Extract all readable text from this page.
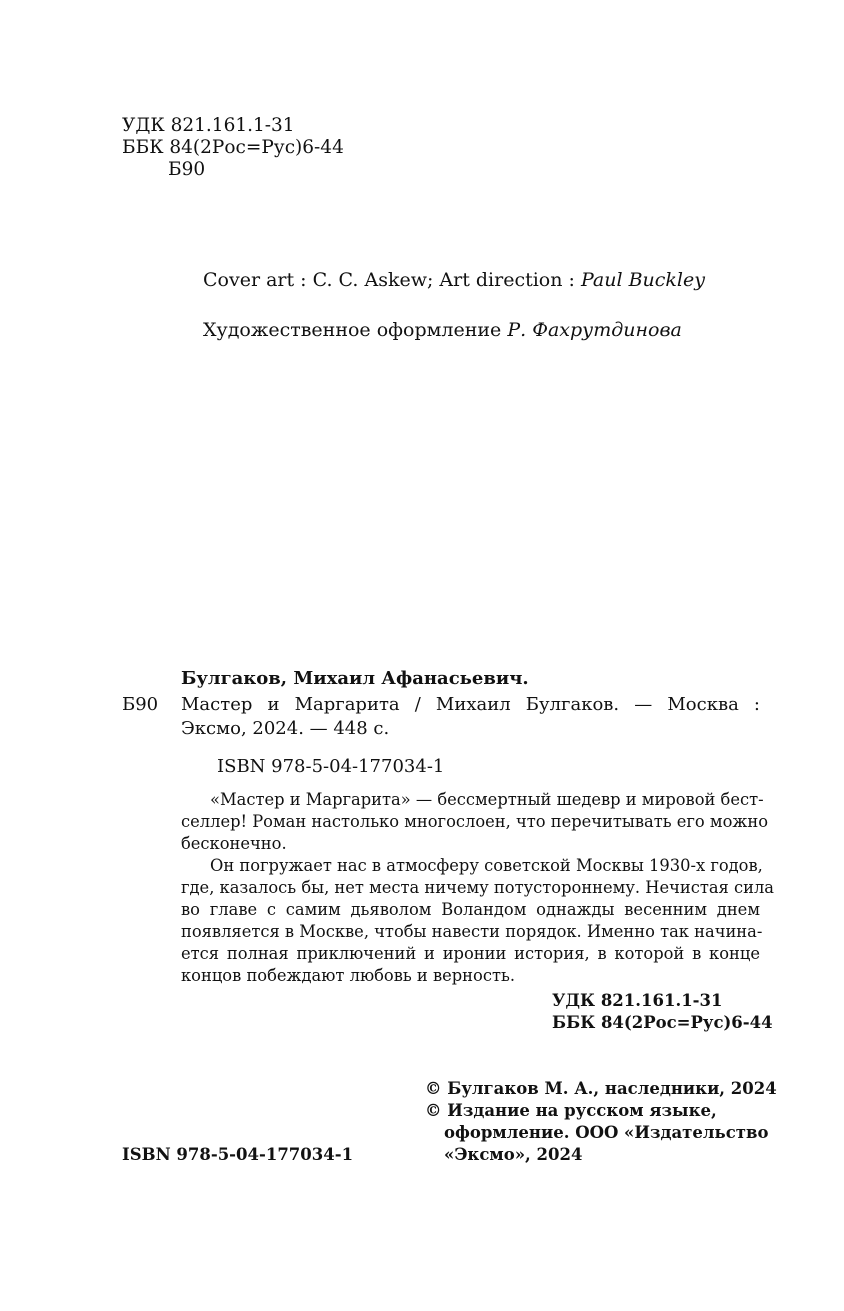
УДК 821.161.1-31
ББК 84(2Рос=Рус)6-44
Б90
Cover art : C. C. Askew; Art direction : Paul Buckley
Художественное оформление Р. Фахрутдинова
Булгаков, Михаил Афанасьевич.
Б90 Мастер и Маргарита / Михаил Булгаков. — Москва :
Эксмо, 2024. — 448 с.
ISBN 978-5-04-177034-1
«Мастер и Маргарита» — бессмертный шедевр и мировой бест-
селлер! Роман настолько многослоен, что перечитывать его можно
бесконечно.
Он погружает нас в атмосферу советской Москвы 1930-х годов,
где, казалось бы, нет места ничему потустороннему. Нечистая сила
во главе с самим дьяволом Воландом однажды весенним днем
появляется в Москве, чтобы навести порядок. Именно так начина-
ется полная приключений и иронии история, в которой в конце
концов побеждают любовь и верность.
УДК 821.161.1-31
ББК 84(2Рос=Рус)6-44
© Булгаков М. А., наследники, 2024
© Издание на русском языке,
оформление. ООО «Издательство
«Эксмо», 2024
ISBN 978-5-04-177034-1
